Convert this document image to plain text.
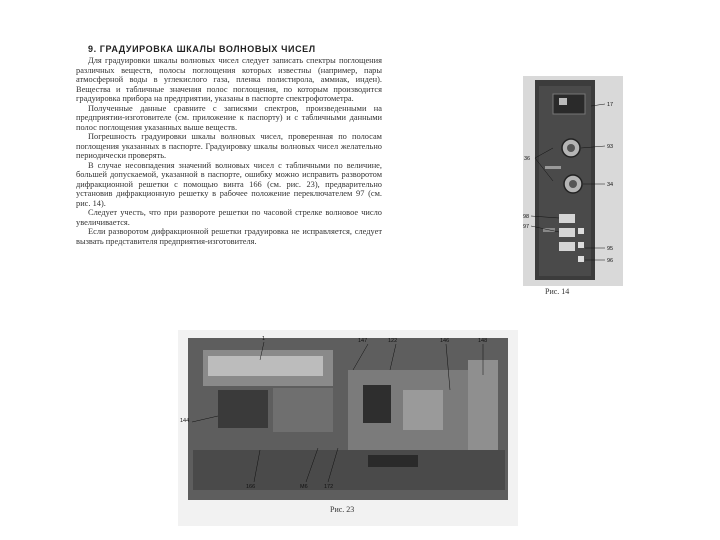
9. ГРАДУИРОВКА ШКАЛЫ ВОЛНОВЫХ ЧИСЕЛ

Для градуировки шкалы волновых чисел следует записать спектры поглощения различных веществ, полосы поглощения которых известны (например, пары атмосферной воды в углекислого газа, пленка полистирола, аммиак, инден). Вещества и табличные значения полос поглощения, по которым производится градуировка прибора на предприятии, указаны в паспорте спектрофотометра.

Полученные данные сравните с записями спектров, произведенными на предприятии-изготовителе (см. приложение к паспорту) и с табличными данными полос поглощения указанных выше веществ.

Погрешность градуировки шкалы волновых чисел, проверенная по полосам поглощения указанных в паспорте. Градуировку шкалы волновых чисел желательно периодически проверять.

В случае несовпадения значений волновых чисел с табличными по величине, большей допускаемой, указанной в паспорте, ошибку можно исправить разворотом дифракционной решетки с помощью винта 166 (см. рис. 23), предварительно установив дифракционную решетку в рабочее положение переключателем 97 (см. рис. 14).

Следует учесть, что при развороте решетки по часовой стрелке волновое число увеличивается.

Если разворотом дифракционной решетки градуировка не исправляется, следует вызвать представителя предприятия-изготовителя.

17
93
34
36
98
97
95
96
Рис. 14
1	147	122	146	148
144
166	M6	172
Рис. 23
